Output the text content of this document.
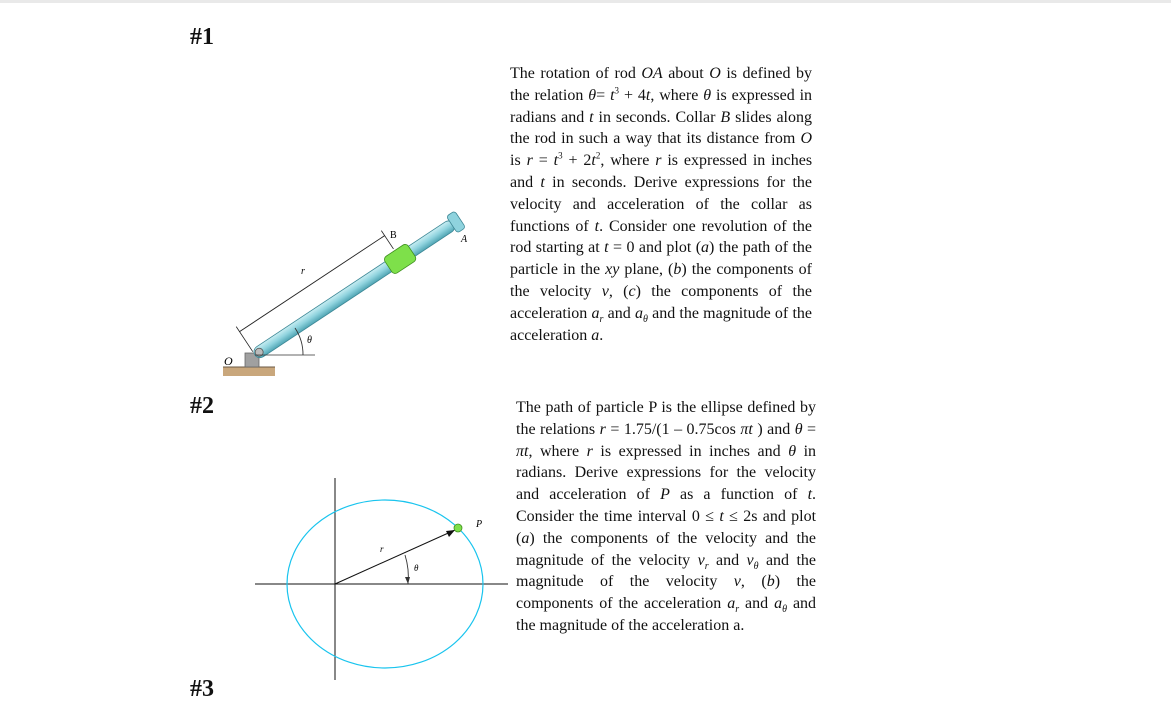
#1
#2
#3
θ
O
B	A
r

The rotation of rod OA about O is defined by the relation $\theta= t^3 + 4t$, where θ is expressed in radians and t in seconds. Collar B slides along the rod in such a way that its distance from O is $r = t^3 + 2t^2$, where r is expressed in inches and t in seconds. Derive expressions for the velocity and acceleration of the collar as functions of t. Consider one revolution of the rod starting at t = 0 and plot (a) the path of the particle in the xy plane, (b) the components of the velocity v, (c) the components of the acceleration $a_r$ and $a_\theta$ and the magnitude of the acceleration a.

θ
r
P

The path of particle P is the ellipse defined by the relations r = 1.75/(1 – 0.75cos πt ) and θ = πt, where r is expressed in inches and θ in radians. Derive expressions for the velocity and acceleration of P as a function of t. Consider the time interval 0 ≤ t ≤ 2s and plot (a) the components of the velocity and the magnitude of the velocity $v_r$ and $v_\theta$ and the magnitude of the velocity v, (b) the components of the acceleration $a_r$ and $a_\theta$ and the magnitude of the acceleration a.
